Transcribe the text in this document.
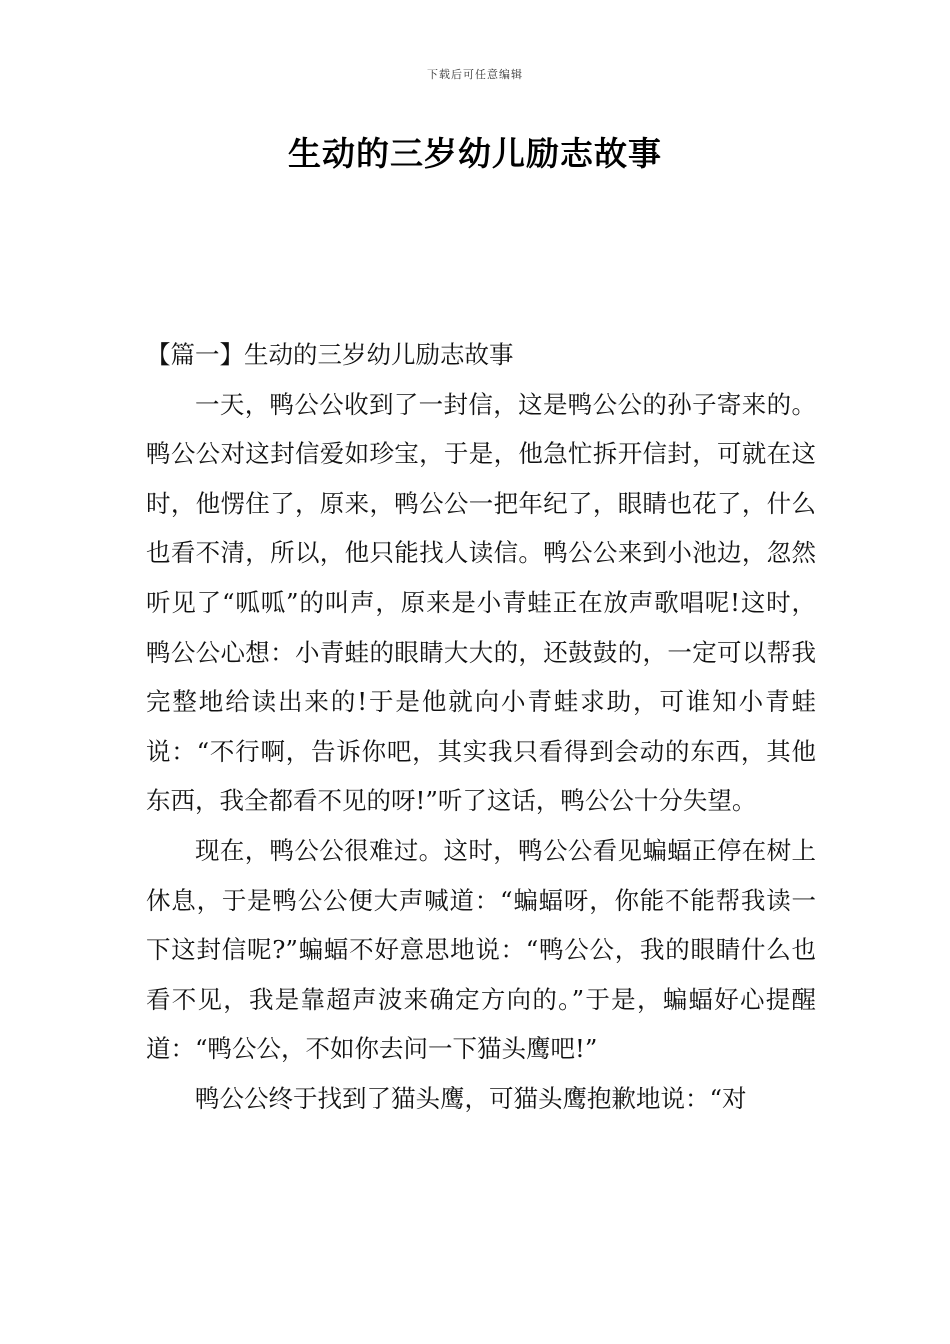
下载后可任意编辑
生动的三岁幼儿励志故事

【篇一】生动的三岁幼儿励志故事

一天，鸭公公收到了一封信，这是鸭公公的孙子寄来的。鸭公公对这封信爱如珍宝，于是，他急忙拆开信封，可就在这时，他愣住了，原来，鸭公公一把年纪了，眼睛也花了，什么也看不清，所以，他只能找人读信。鸭公公来到小池边，忽然听见了“呱呱”的叫声，原来是小青蛙正在放声歌唱呢!这时，鸭公公心想：小青蛙的眼睛大大的，还鼓鼓的，一定可以帮我完整地给读出来的!于是他就向小青蛙求助，可谁知小青蛙说：“不行啊，告诉你吧，其实我只看得到会动的东西，其他东西，我全都看不见的呀!”听了这话，鸭公公十分失望。

现在，鸭公公很难过。这时，鸭公公看见蝙蝠正停在树上休息，于是鸭公公便大声喊道：“蝙蝠呀，你能不能帮我读一下这封信呢?”蝙蝠不好意思地说：“鸭公公，我的眼睛什么也看不见，我是靠超声波来确定方向的。”于是，蝙蝠好心提醒道：“鸭公公，不如你去问一下猫头鹰吧!”

鸭公公终于找到了猫头鹰，可猫头鹰抱歉地说：“对
